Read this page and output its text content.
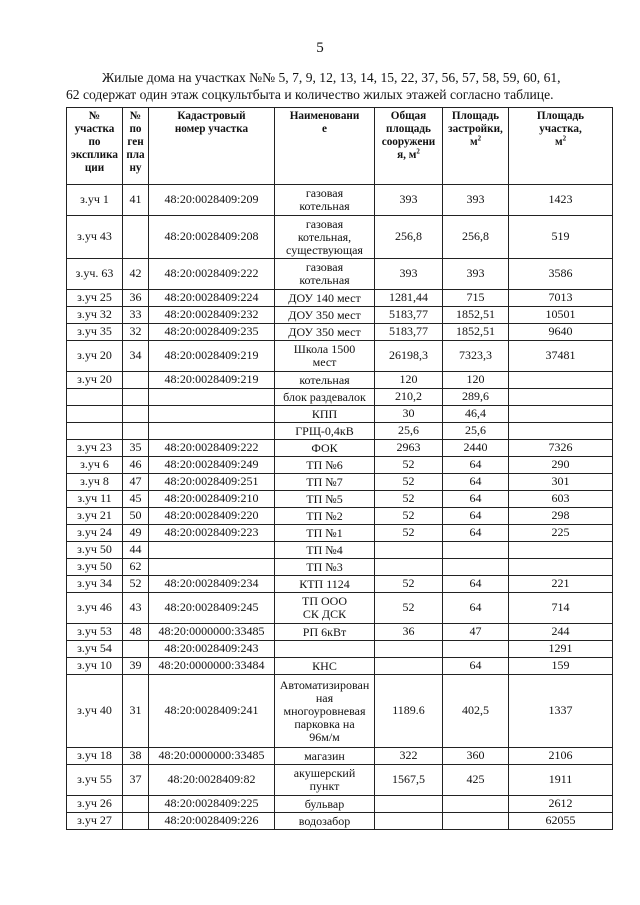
5
Жилые дома на участках №№ 5, 7, 9, 12, 13, 14, 15, 22, 37, 56, 57, 58, 59, 60, 61,
62 содержат один этаж соцкультбыта и количество жилых этажей согласно таблице.
№
участка
по
эксплика
ции	№
по
ген
пла
ну	Кадастровый
номер участка	Наименовани
е	Общая
площадь
сооружени
я, $м^2$	Площадь
застройки,
$м^2$	Площадь
участка,
$м^2$
з.уч 1	41	48:20:0028409:209	газовая
котельная	393	393	1423
з.уч 43		48:20:0028409:208	газовая
котельная,
существующая	256,8	256,8	519
з.уч. 63	42	48:20:0028409:222	газовая
котельная	393	393	3586
з.уч 25	36	48:20:0028409:224	ДОУ 140 мест	1281,44	715	7013
з.уч 32	33	48:20:0028409:232	ДОУ 350 мест	5183,77	1852,51	10501
з.уч 35	32	48:20:0028409:235	ДОУ 350 мест	5183,77	1852,51	9640
з.уч 20	34	48:20:0028409:219	Школа 1500
мест	26198,3	7323,3	37481
з.уч 20		48:20:0028409:219	котельная	120	120	
			блок раздевалок	210,2	289,6	
			КПП	30	46,4	
			ГРЩ-0,4кВ	25,6	25,6	
з.уч 23	35	48:20:0028409:222	ФОК	2963	2440	7326
з.уч 6	46	48:20:0028409:249	ТП №6	52	64	290
з.уч 8	47	48:20:0028409:251	ТП №7	52	64	301
з.уч 11	45	48:20:0028409:210	ТП №5	52	64	603
з.уч 21	50	48:20:0028409:220	ТП №2	52	64	298
з.уч 24	49	48:20:0028409:223	ТП №1	52	64	225
з.уч 50	44		ТП №4			
з.уч 50	62		ТП №3			
з.уч 34	52	48:20:0028409:234	КТП 1124	52	64	221
з.уч 46	43	48:20:0028409:245	ТП ООО
СК ДСК	52	64	714
з.уч 53	48	48:20:0000000:33485	РП 6кВт	36	47	244
з.уч 54		48:20:0028409:243				1291
з.уч 10	39	48:20:0000000:33484	КНС		64	159
з.уч 40	31	48:20:0028409:241	Автоматизирован
ная
многоуровневая
парковка на
96м/м	1189.6	402,5	1337
з.уч 18	38	48:20:0000000:33485	магазин	322	360	2106
з.уч 55	37	48:20:0028409:82	акушерский
пункт	1567,5	425	1911
з.уч 26		48:20:0028409:225	бульвар			2612
з.уч 27		48:20:0028409:226	водозабор			62055
